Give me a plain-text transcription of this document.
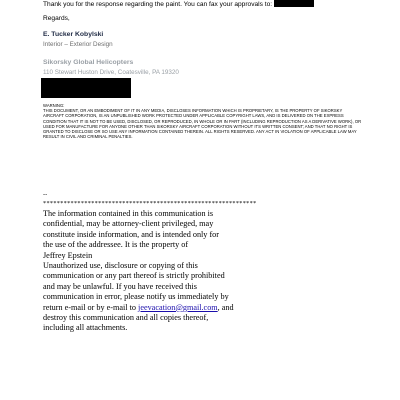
Thank you for the response regarding the paint. You can fax your approvals to:
Regards,
E. Tucker Kobylski
Interior – Exterior Design
Sikorsky Global Helicopters
110 Stewart Huston Drive, Coatesville, PA 19320
WARNING:
THIS DOCUMENT, OR AN EMBODIMENT OF IT IN ANY MEDIA, DISCLOSES INFORMATION WHICH IS PROPRIETARY, IS THE PROPERTY OF SIKORSKY AIRCRAFT CORPORATION, IS AN UNPUBLISHED WORK PROTECTED UNDER APPLICABLE COPYRIGHT LAWS, AND IS DELIVERED ON THE EXPRESS CONDITION THAT IT IS NOT TO BE USED, DISCLOSED, OR REPRODUCED, IN WHOLE OR IN PART (INCLUDING REPRODUCTION AS A DERIVATIVE WORK), OR USED FOR MANUFACTURE FOR ANYONE OTHER THAN SIKORSKY AIRCRAFT CORPORATION WITHOUT ITS WRITTEN CONSENT; AND THAT NO RIGHT IS GRANTED TO DISCLOSE OR SO USE ANY INFORMATION CONTAINED THEREIN. ALL RIGHTS RESERVED. ANY ACT IN VIOLATION OF APPLICABLE LAW MAY RESULT IN CIVIL AND CRIMINAL PENALTIES.
--
**************************************************************
The information contained in this communication is
confidential, may be attorney-client privileged, may
constitute inside information, and is intended only for
the use of the addressee. It is the property of
Jeffrey Epstein
Unauthorized use, disclosure or copying of this
communication or any part thereof is strictly prohibited
and may be unlawful. If you have received this
communication in error, please notify us immediately by
return e-mail or by e-mail to jeevacation@gmail.com, and
destroy this communication and all copies thereof,
including all attachments.
